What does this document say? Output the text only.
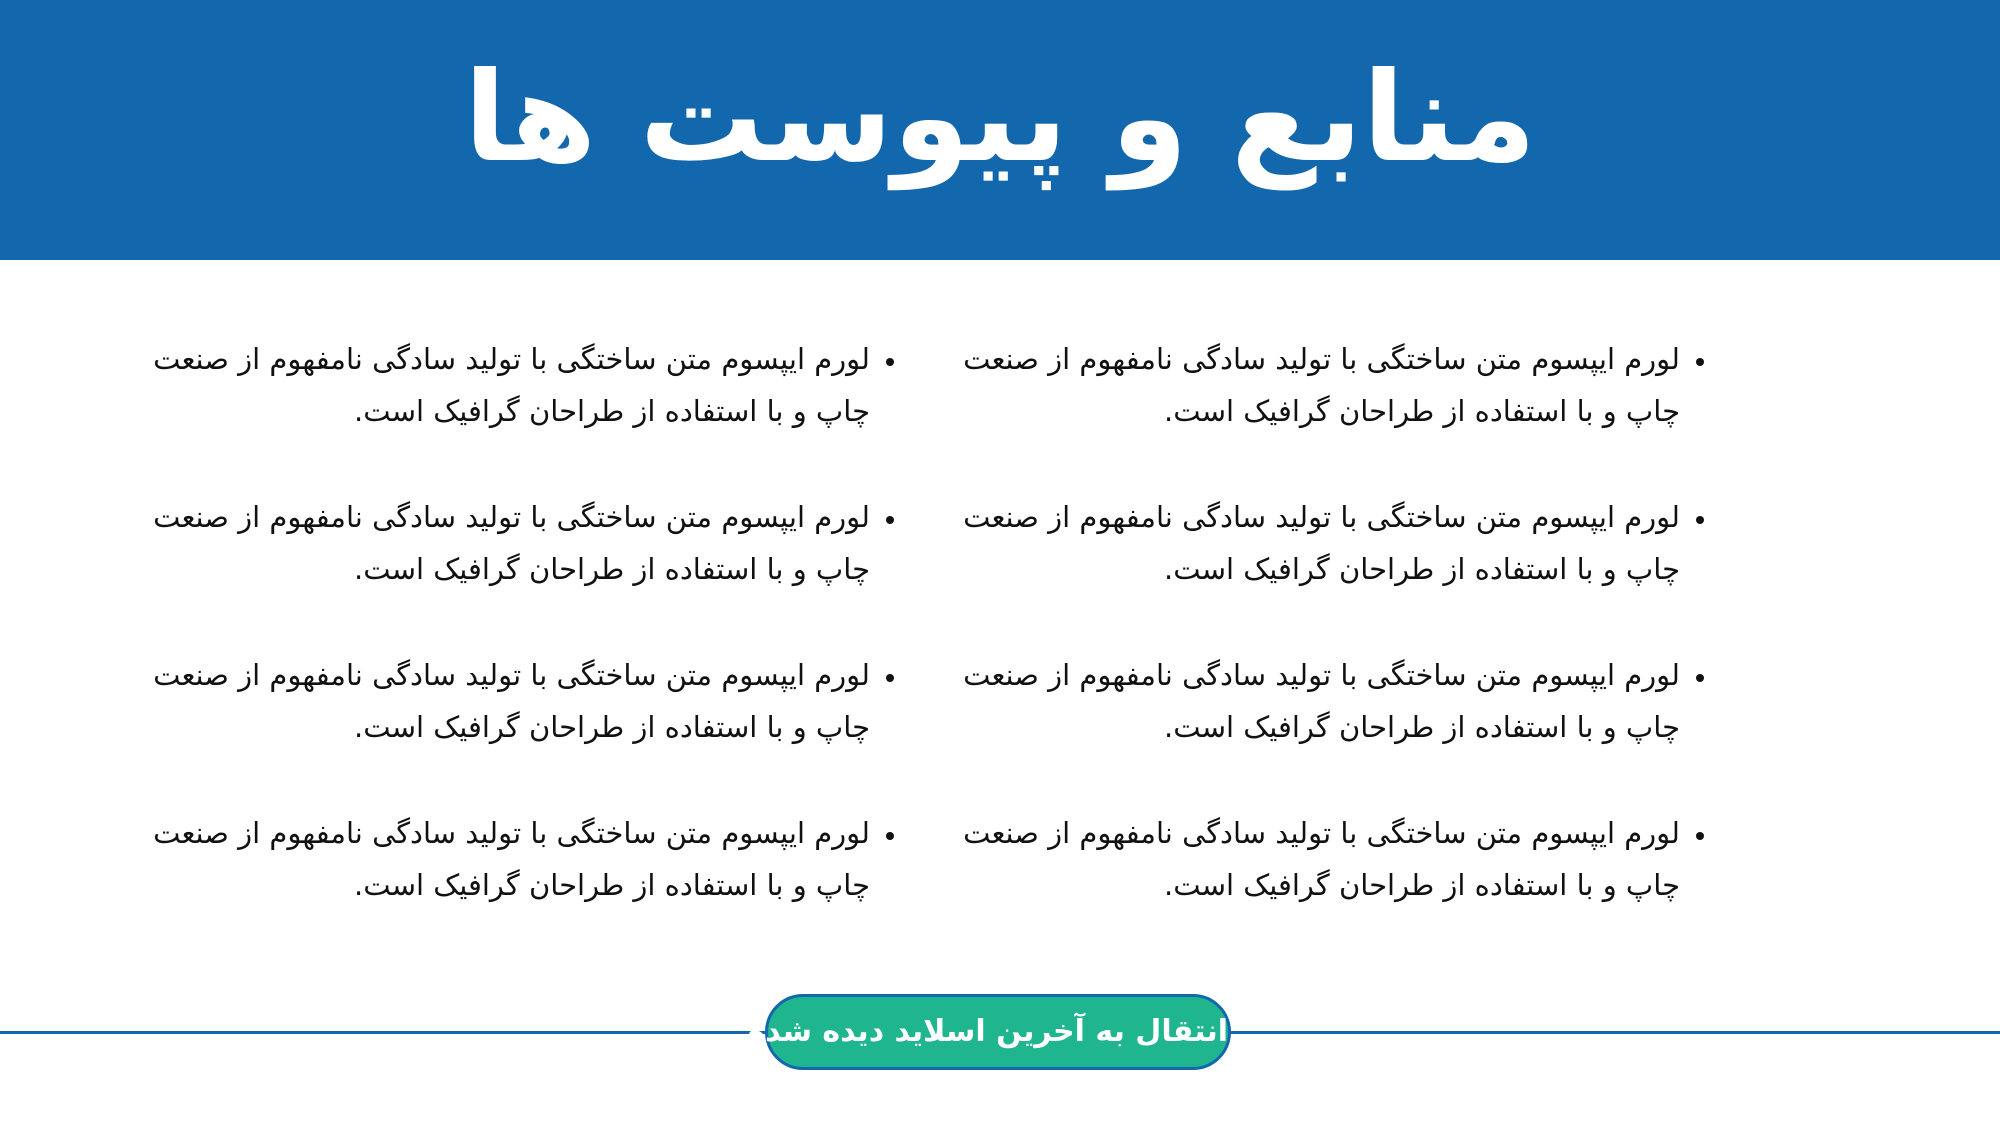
منابع و پیوست ها
لورم ایپسوم متن ساختگی با تولید سادگی نامفهوم از صنعت چاپ و با استفاده از طراحان گرافیک است.
لورم ایپسوم متن ساختگی با تولید سادگی نامفهوم از صنعت چاپ و با استفاده از طراحان گرافیک است.
لورم ایپسوم متن ساختگی با تولید سادگی نامفهوم از صنعت چاپ و با استفاده از طراحان گرافیک است.
لورم ایپسوم متن ساختگی با تولید سادگی نامفهوم از صنعت چاپ و با استفاده از طراحان گرافیک است.
لورم ایپسوم متن ساختگی با تولید سادگی نامفهوم از صنعت چاپ و با استفاده از طراحان گرافیک است.
لورم ایپسوم متن ساختگی با تولید سادگی نامفهوم از صنعت چاپ و با استفاده از طراحان گرافیک است.
لورم ایپسوم متن ساختگی با تولید سادگی نامفهوم از صنعت چاپ و با استفاده از طراحان گرافیک است.
لورم ایپسوم متن ساختگی با تولید سادگی نامفهوم از صنعت چاپ و با استفاده از طراحان گرافیک است.
انتقال به آخرین اسلاید دیده شده
